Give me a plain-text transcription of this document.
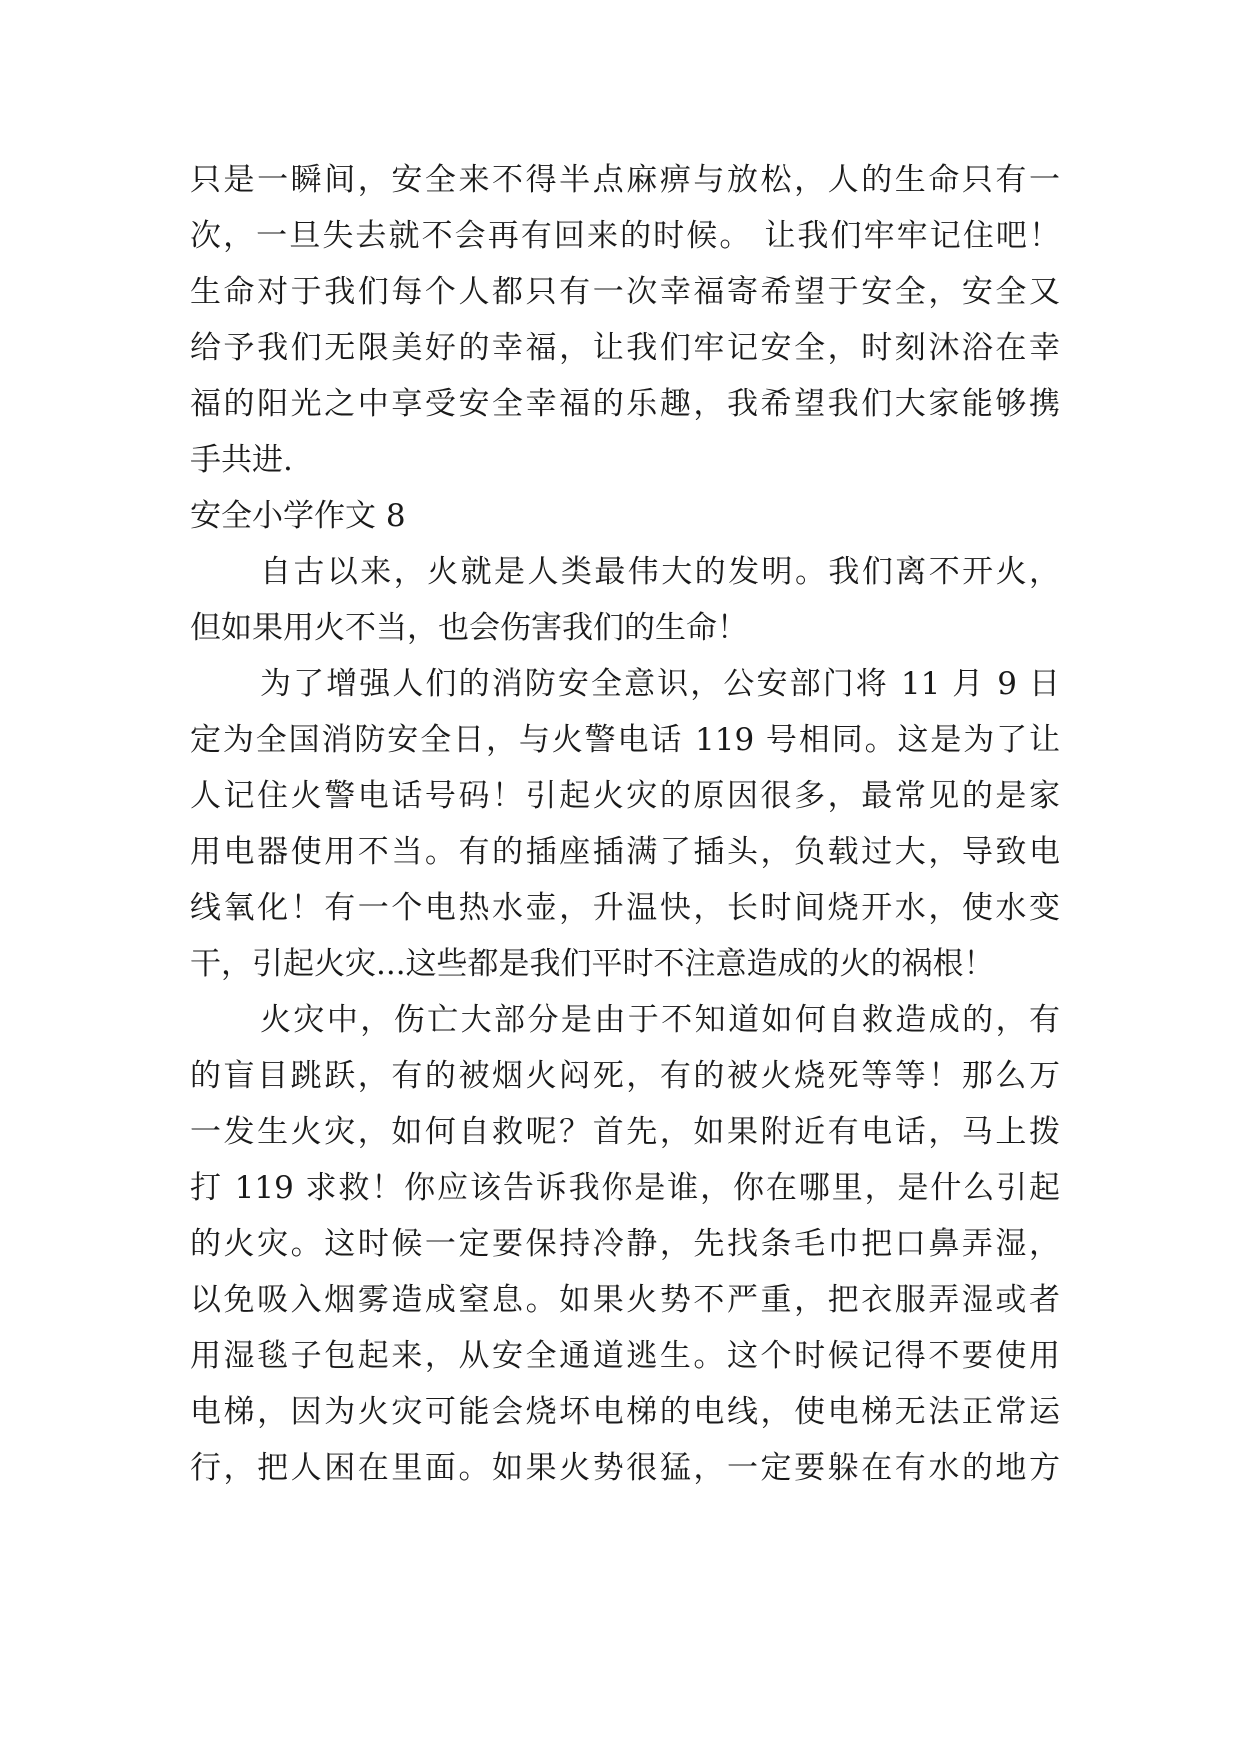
只是一瞬间，安全来不得半点麻痹与放松，人的生命只有一
次，一旦失去就不会再有回来的时候。 让我们牢牢记住吧！
生命对于我们每个人都只有一次幸福寄希望于安全，安全又
给予我们无限美好的幸福，让我们牢记安全，时刻沐浴在幸
福的阳光之中享受安全幸福的乐趣，我希望我们大家能够携
手共进.
安全小学作文 8
自古以来，火就是人类最伟大的发明。我们离不开火，
但如果用火不当，也会伤害我们的生命！
为了增强人们的消防安全意识，公安部门将 11 月 9 日
定为全国消防安全日，与火警电话 119 号相同。这是为了让
人记住火警电话号码！引起火灾的原因很多，最常见的是家
用电器使用不当。有的插座插满了插头，负载过大，导致电
线氧化！有一个电热水壶，升温快，长时间烧开水，使水变
干，引起火灾...这些都是我们平时不注意造成的火的祸根！
火灾中，伤亡大部分是由于不知道如何自救造成的，有
的盲目跳跃，有的被烟火闷死，有的被火烧死等等！那么万
一发生火灾，如何自救呢？首先，如果附近有电话，马上拨
打 119 求救！你应该告诉我你是谁，你在哪里，是什么引起
的火灾。这时候一定要保持冷静，先找条毛巾把口鼻弄湿，
以免吸入烟雾造成窒息。如果火势不严重，把衣服弄湿或者
用湿毯子包起来，从安全通道逃生。这个时候记得不要使用
电梯，因为火灾可能会烧坏电梯的电线，使电梯无法正常运
行，把人困在里面。如果火势很猛，一定要躲在有水的地方
